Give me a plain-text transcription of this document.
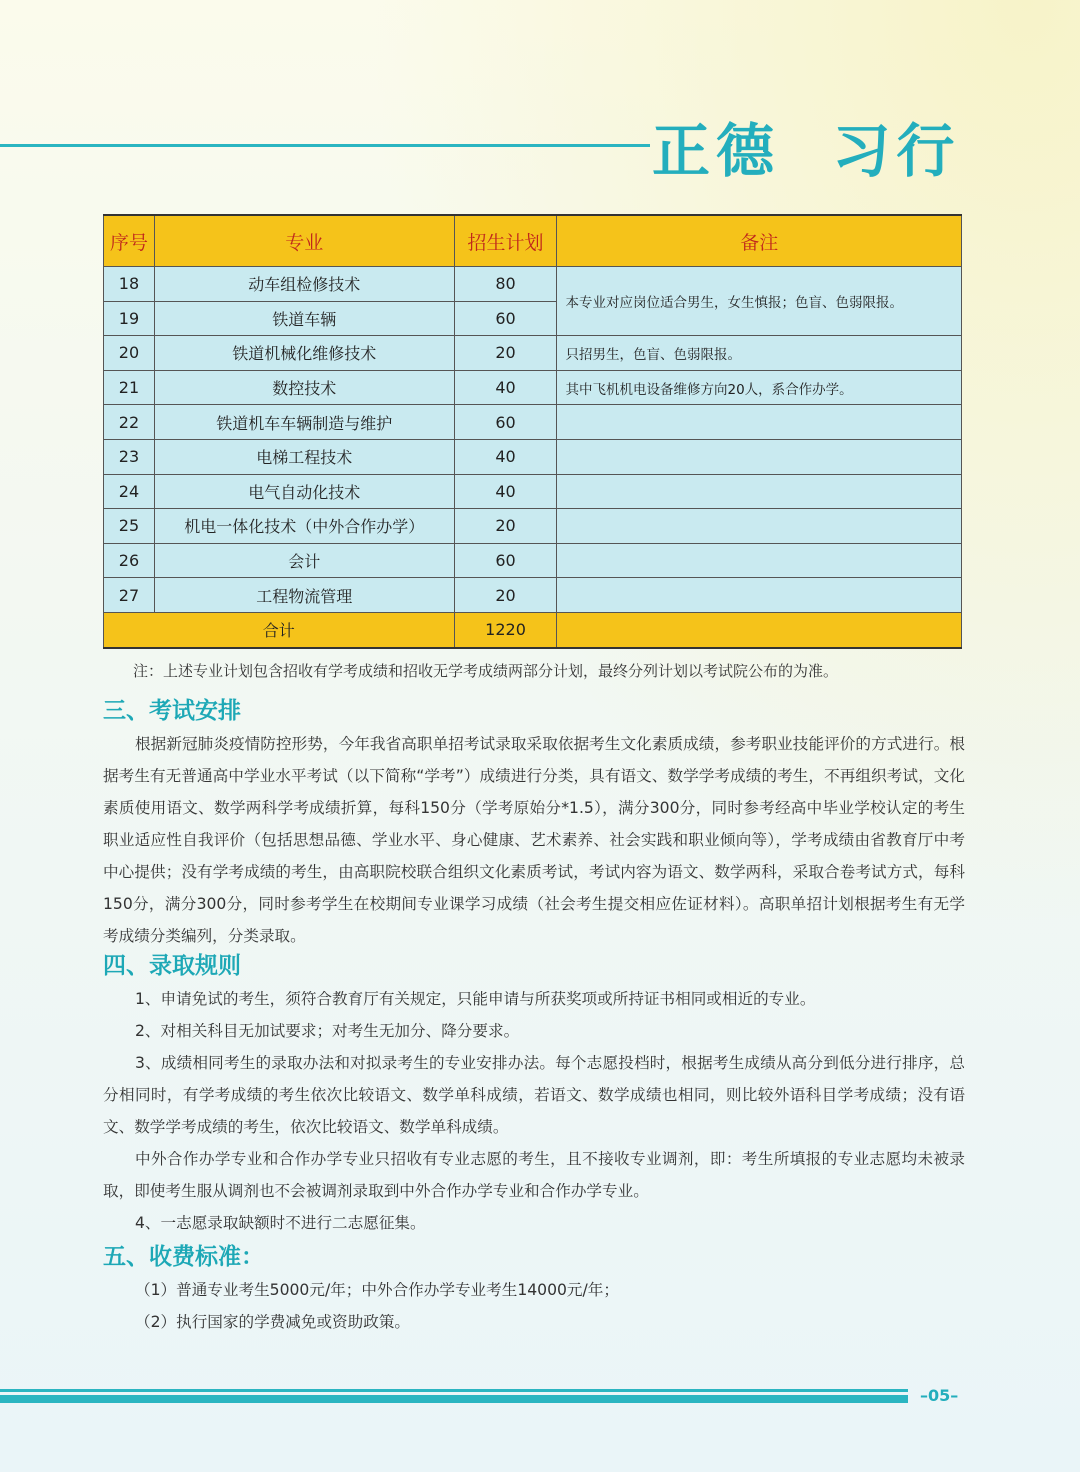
正德  习行
序号	专业	招生计划	备注
18	动车组检修技术	80	本专业对应岗位适合男生，女生慎报；色盲、色弱限报。
19	铁道车辆	60	
20	铁道机械化维修技术	20	只招男生，色盲、色弱限报。
21	数控技术	40	其中飞机机电设备维修方向20人，系合作办学。
22	铁道机车车辆制造与维护	60	
23	电梯工程技术	40	
24	电气自动化技术	40	
25	机电一体化技术（中外合作办学）	20	
26	会计	60	
27	工程物流管理	20	
合计		1220	
注：上述专业计划包含招收有学考成绩和招收无学考成绩两部分计划，最终分列计划以考试院公布的为准。
三、考试安排

根据新冠肺炎疫情防控形势，今年我省高职单招考试录取采取依据考生文化素质成绩，参考职业技能评价的方式进行。根据考生有无普通高中学业水平考试（以下简称“学考”）成绩进行分类，具有语文、数学学考成绩的考生，不再组织考试，文化素质使用语文、数学两科学考成绩折算，每科150分（学考原始分*1.5），满分300分，同时参考经高中毕业学校认定的考生职业适应性自我评价（包括思想品德、学业水平、身心健康、艺术素养、社会实践和职业倾向等），学考成绩由省教育厅中考中心提供；没有学考成绩的考生，由高职院校联合组织文化素质考试，考试内容为语文、数学两科，采取合卷考试方式，每科150分，满分300分，同时参考学生在校期间专业课学习成绩（社会考生提交相应佐证材料）。高职单招计划根据考生有无学考成绩分类编列，分类录取。

四、录取规则

1、申请免试的考生，须符合教育厅有关规定，只能申请与所获奖项或所持证书相同或相近的专业。

2、对相关科目无加试要求；对考生无加分、降分要求。

3、成绩相同考生的录取办法和对拟录考生的专业安排办法。每个志愿投档时，根据考生成绩从高分到低分进行排序，总分相同时，有学考成绩的考生依次比较语文、数学单科成绩，若语文、数学成绩也相同，则比较外语科目学考成绩；没有语文、数学学考成绩的考生，依次比较语文、数学单科成绩。

中外合作办学专业和合作办学专业只招收有专业志愿的考生，且不接收专业调剂，即：考生所填报的专业志愿均未被录取，即使考生服从调剂也不会被调剂录取到中外合作办学专业和合作办学专业。

4、一志愿录取缺额时不进行二志愿征集。

五、收费标准：

（1）普通专业考生5000元/年；中外合作办学专业考生14000元/年；

（2）执行国家的学费减免或资助政策。

–05–
